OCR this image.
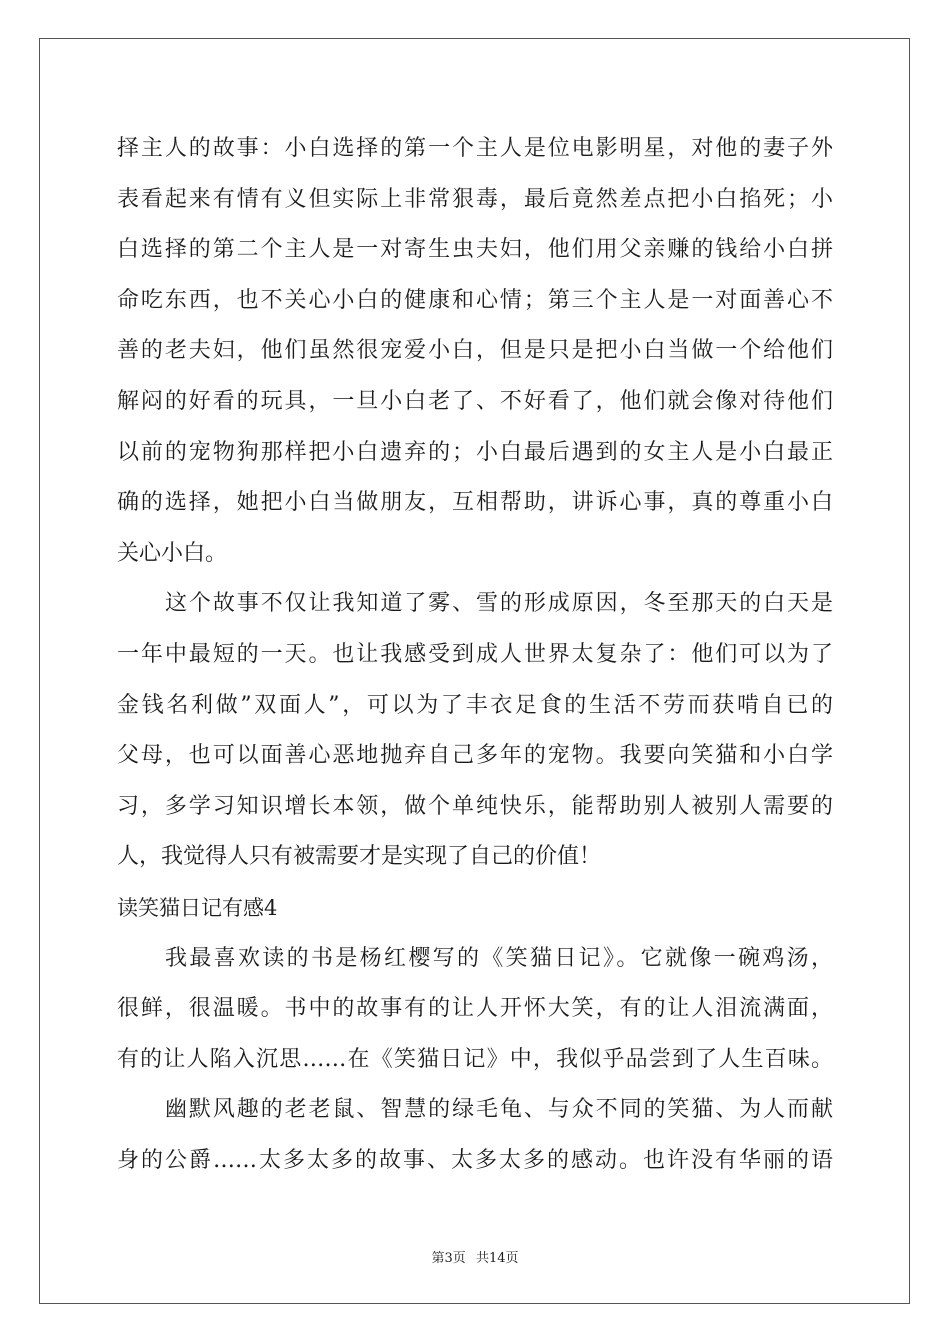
择主人的故事：小白选择的第一个主人是位电影明星，对他的妻子外
表看起来有情有义但实际上非常狠毒，最后竟然差点把小白掐死；小
白选择的第二个主人是一对寄生虫夫妇，他们用父亲赚的钱给小白拼
命吃东西，也不关心小白的健康和心情；第三个主人是一对面善心不
善的老夫妇，他们虽然很宠爱小白，但是只是把小白当做一个给他们
解闷的好看的玩具，一旦小白老了、不好看了，他们就会像对待他们
以前的宠物狗那样把小白遗弃的；小白最后遇到的女主人是小白最正
确的选择，她把小白当做朋友，互相帮助，讲诉心事，真的尊重小白
关心小白。
这个故事不仅让我知道了雾、雪的形成原因，冬至那天的白天是
一年中最短的一天。也让我感受到成人世界太复杂了：他们可以为了
金钱名利做”双面人”，可以为了丰衣足食的生活不劳而获啃自已的
父母，也可以面善心恶地抛弃自己多年的宠物。我要向笑猫和小白学
习，多学习知识增长本领，做个单纯快乐，能帮助别人被别人需要的
人，我觉得人只有被需要才是实现了自己的价值！
读笑猫日记有感4
我最喜欢读的书是杨红樱写的《笑猫日记》。它就像一碗鸡汤，
很鲜，很温暖。书中的故事有的让人开怀大笑，有的让人泪流满面，
有的让人陷入沉思……在《笑猫日记》中，我似乎品尝到了人生百味。
幽默风趣的老老鼠、智慧的绿毛龟、与众不同的笑猫、为人而献
身的公爵……太多太多的故事、太多太多的感动。也许没有华丽的语
第3页 共14页
